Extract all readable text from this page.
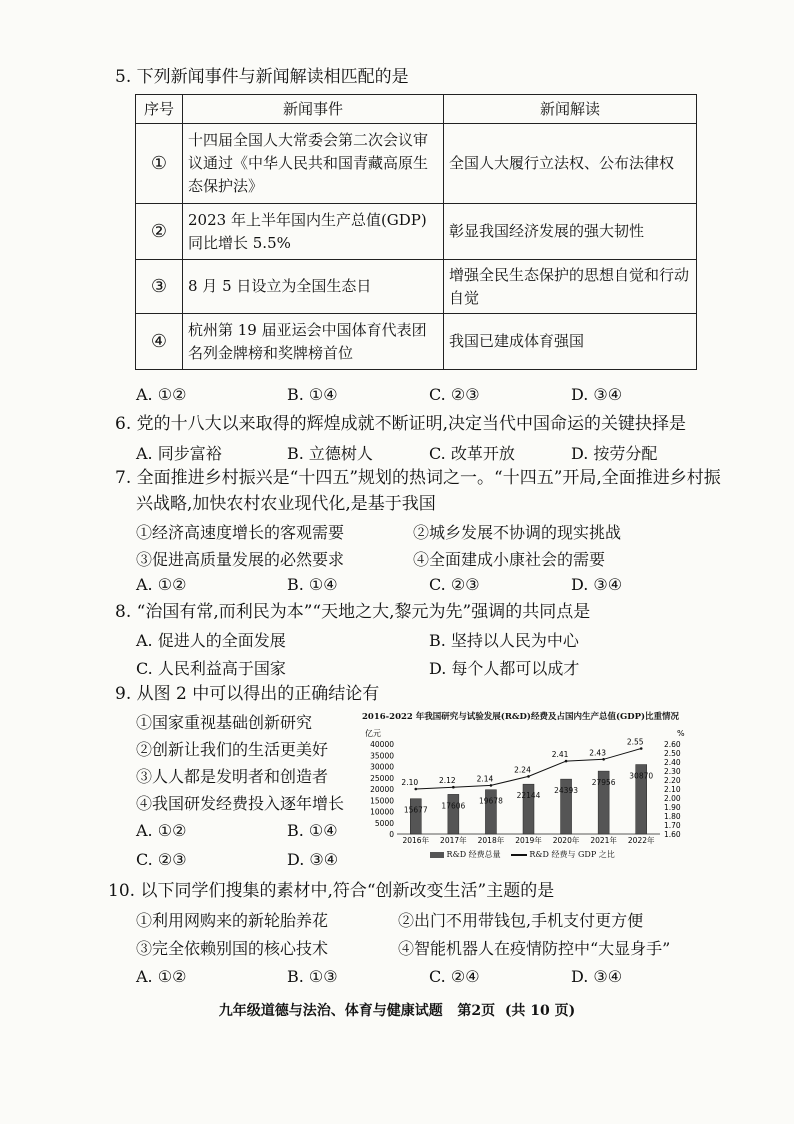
5. 下列新闻事件与新闻解读相匹配的是
序号	新闻事件	新闻解读
①	十四届全国人大常委会第二次会议审议通过《中华人民共和国青藏高原生态保护法》	全国人大履行立法权、公布法律权
②	2023 年上半年国内生产总值(GDP)同比增长 5.5%	彰显我国经济发展的强大韧性
③	8 月 5 日设立为全国生态日	增强全民生态保护的思想自觉和行动自觉
④	杭州第 19 届亚运会中国体育代表团名列金牌榜和奖牌榜首位	我国已建成体育强国
A. ①②	B. ①④	C. ②③	D. ③④
6. 党的十八大以来取得的辉煌成就不断证明,决定当代中国命运的关键抉择是
A. 同步富裕	B. 立德树人	C. 改革开放	D. 按劳分配
7. 全面推进乡村振兴是“十四五”规划的热词之一。“十四五”开局,全面推进乡村振
兴战略,加快农村农业现代化,是基于我国
①经济高速度增长的客观需要	②城乡发展不协调的现实挑战
③促进高质量发展的必然要求	④全面建成小康社会的需要
A. ①②	B. ①④	C. ②③	D. ③④
8. “治国有常,而利民为本”“天地之大,黎元为先”强调的共同点是
A. 促进人的全面发展	B. 坚持以人民为中心
C. 人民利益高于国家	D. 每个人都可以成才
9. 从图 2 中可以得出的正确结论有
①国家重视基础创新研究
②创新让我们的生活更美好
③人人都是发明者和创造者
④我国研发经费投入逐年增长
A. ①②	B. ①④
C. ②③	D. ③④
2016-2022 年我国研究与试验发展(R&D)经费及占国内生产总值(GDP)比重情况
亿元	%
40000
35000
30000
25000
20000
15000
10000
5000
0
2.60
2.50
2.40
2.30
2.20
2.10
2.00
1.90
1.80
1.70
1.60
15677 17606
19678
22144
24393
27956
30870
2.10	2.12	2.14
2.24
2.41	2.43
2.55
2016年 2017年 2018年 2019年 2020年 2021年 2022年
R&D 经费总量	R&D 经费与 GDP 之比
10. 以下同学们搜集的素材中,符合“创新改变生活”主题的是
①利用网购来的新轮胎养花	②出门不用带钱包,手机支付更方便
③完全依赖别国的核心技术	④智能机器人在疫情防控中“大显身手”
A. ①②	B. ①③	C. ②④	D. ③④
九年级道德与法治、体育与健康试题   第2页  (共 10 页)
